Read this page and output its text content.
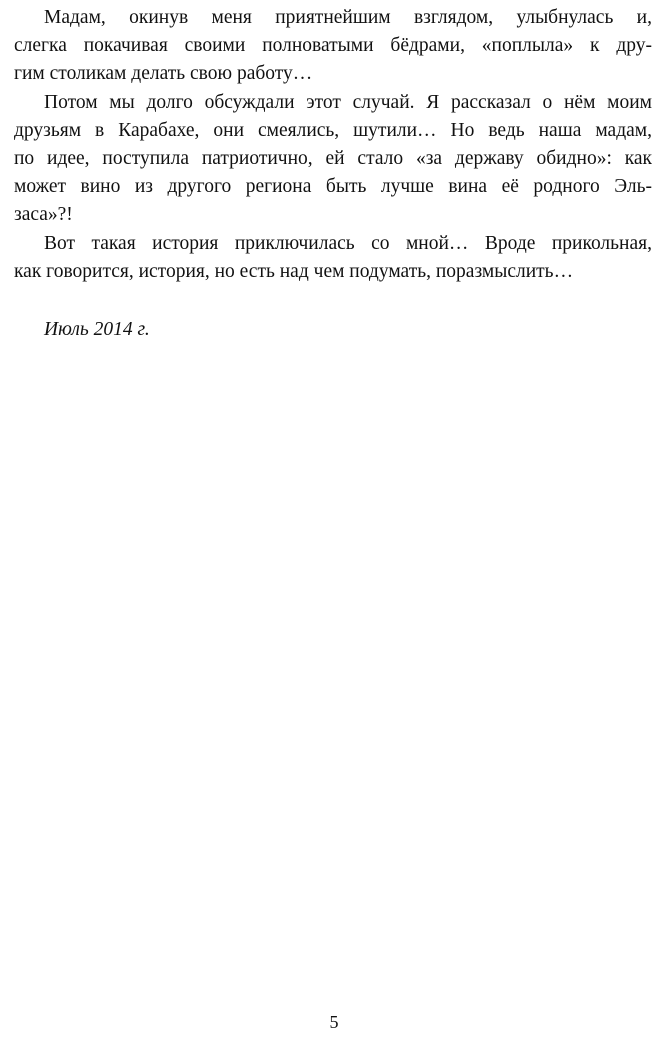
Мадам, окинув меня приятнейшим взглядом, улыбнулась и,
слегка покачивая своими полноватыми бёдрами, «поплыла» к дру-
гим столикам делать свою работу…
Потом мы долго обсуждали этот случай. Я рассказал о нём моим
друзьям в Карабахе, они смеялись, шутили… Но ведь наша мадам,
по идее, поступила патриотично, ей стало «за державу обидно»: как
может вино из другого региона быть лучше вина её родного Эль-
заса»?!
Вот такая история приключилась со мной… Вроде прикольная,
как говорится, история, но есть над чем подумать, поразмыслить…
Июль 2014 г.
5
